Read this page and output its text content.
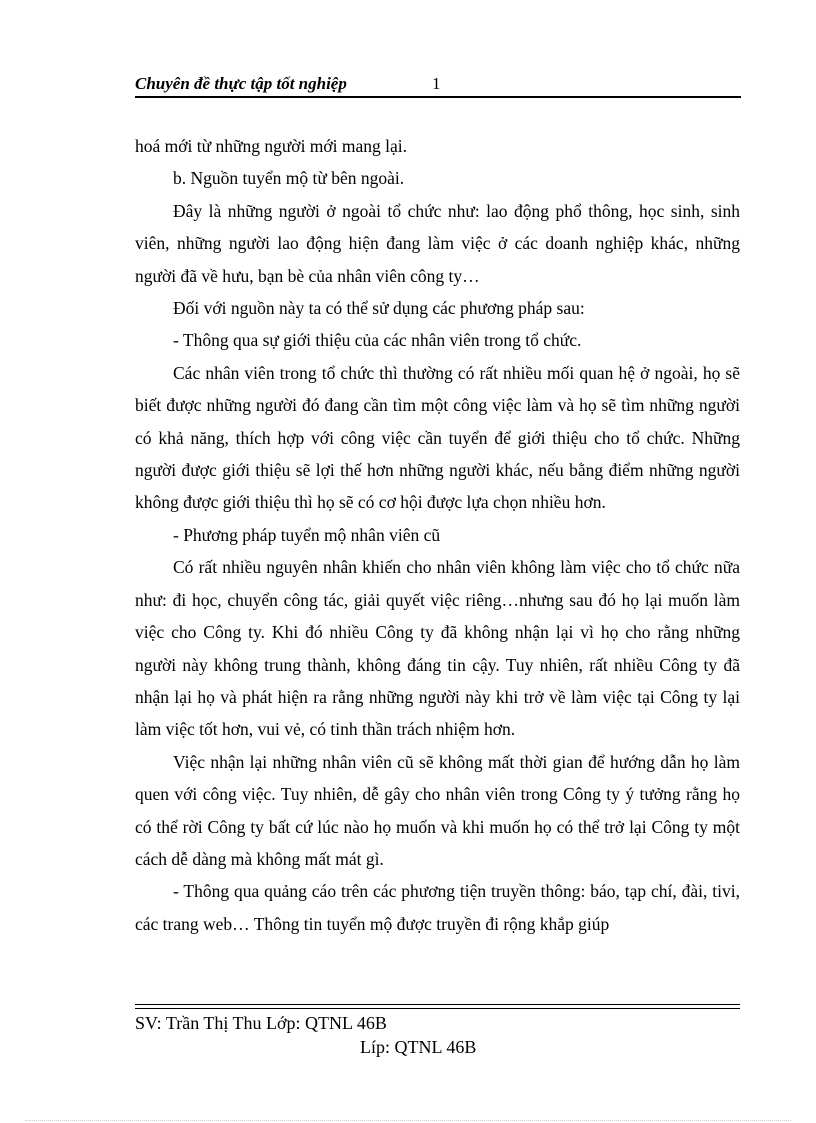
Chuyên đề thực tập tốt nghiệp	1

hoá mới từ những người mới mang lại.

b. Nguồn tuyển mộ từ bên ngoài.

Đây là những người ở ngoài tổ chức như: lao động phổ thông, học sinh, sinh viên, những người lao động hiện đang làm việc ở các doanh nghiệp khác, những người đã về hưu, bạn bè của nhân viên công ty…

Đối với nguồn này ta có thể sử dụng các phương pháp sau:

- Thông qua sự giới thiệu của các nhân viên trong tổ chức.

Các nhân viên trong tổ chức thì thường có rất nhiều mối quan hệ ở ngoài, họ sẽ biết được những người đó đang cần tìm một công việc làm và họ sẽ tìm những người có khả năng, thích hợp với công việc cần tuyển để giới thiệu cho tổ chức. Những người được giới thiệu sẽ lợi thế hơn những người khác, nếu bằng điểm những người không được giới thiệu thì họ sẽ có cơ hội được lựa chọn nhiều hơn.

- Phương pháp tuyển mộ nhân viên cũ

Có rất nhiều nguyên nhân khiến cho nhân viên không làm việc cho tổ chức nữa như: đi học, chuyển công tác, giải quyết việc riêng…nhưng sau đó họ lại muốn làm việc cho Công ty. Khi đó nhiều Công ty đã không nhận lại vì họ cho rằng những người này không trung thành, không đáng tin cậy. Tuy nhiên, rất nhiều Công ty đã nhận lại họ và phát hiện ra rằng những người này khi trở về làm việc tại Công ty lại làm việc tốt hơn, vui vẻ, có tinh thần trách nhiệm hơn.

Việc nhận lại những nhân viên cũ sẽ không mất thời gian để hướng dẫn họ làm quen với công việc. Tuy nhiên, dễ gây cho nhân viên trong Công ty ý tưởng rằng họ có thể rời Công ty bất cứ lúc nào họ muốn và khi muốn họ có thể trở lại Công ty một cách dễ dàng mà không mất mát gì.

- Thông qua quảng cáo trên các phương tiện truyền thông: báo, tạp chí, đài, tivi, các trang web… Thông tin tuyển mộ được truyền đi rộng khắp giúp

SV: Trần Thị Thu Lớp: QTNL 46B
Líp: QTNL 46B
